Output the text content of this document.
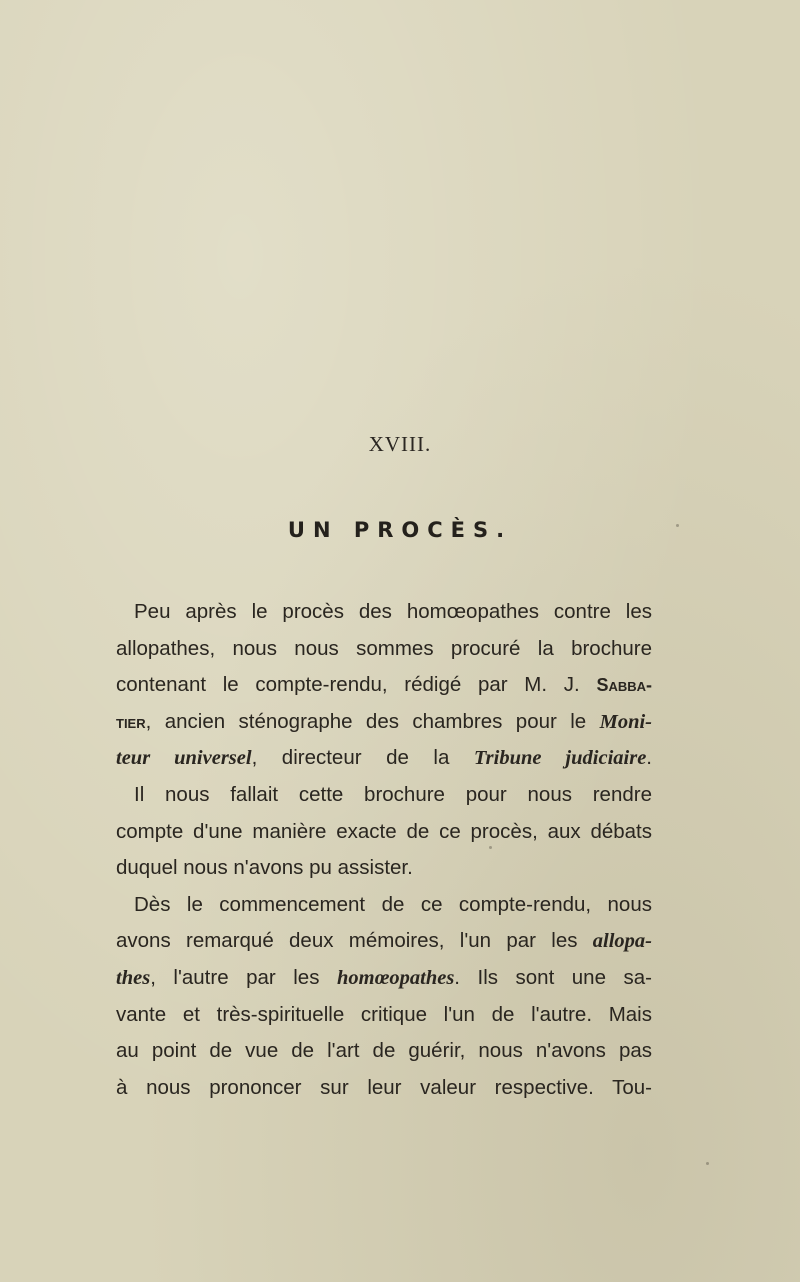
XVIII.
UN PROCÈS.
Peu après le procès des homœopathes contre les
allopathes, nous nous sommes procuré la brochure
contenant le compte-rendu, rédigé par M. J. Sabba-
tier, ancien sténographe des chambres pour le Moni-
teur universel, directeur de la Tribune judiciaire.
Il nous fallait cette brochure pour nous rendre
compte d'une manière exacte de ce procès, aux débats
duquel nous n'avons pu assister.
Dès le commencement de ce compte-rendu, nous
avons remarqué deux mémoires, l'un par les allopa-
thes, l'autre par les homœopathes. Ils sont une sa-
vante et très-spirituelle critique l'un de l'autre. Mais
au point de vue de l'art de guérir, nous n'avons pas
à nous prononcer sur leur valeur respective. Tou-
